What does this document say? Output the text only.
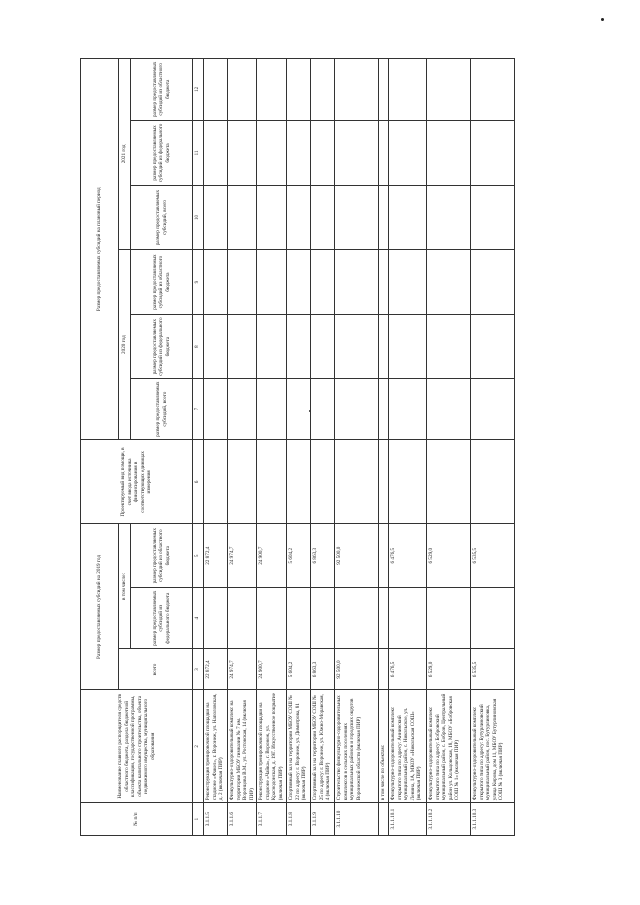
№ п/п	Наименование главного распорядителя средств областного бюджета, раздела бюджетной классификации, государственной программы, объекта капитального строительства, объекта недвижимого имущества, муниципального образования	Размер предоставляемых субсидий на 2019 год			Проектируемый вид помощи, в счет ввода источника финансирования в соответствующих единицах измерения	Размер предоставляемых субсидий на плановый период					
		всего	в том числе:			2020 год			2021 год		
			размер предоставляемых субсидий из федерального бюджета	размер предоставляемых субсидий из областного бюджета		размер предоставляемых субсидий, всего	размер предоставляемых субсидий из федерального бюджета	размер предоставляемых субсидий из областного бюджета	размер предоставляемых субсидий, всего	размер предоставляемых субсидий из федерального бюджета	размер предоставляемых субсидий из областного бюджета

1	2	3	4	5	6	7	8	9	10	11	12
3.1.1.5	Реконструкция тренировочной площадки на стадионе «Факел», г. Воронеж, ул. Наполовская, д. 2 (включая ПИР)	22 872,4		22 872,4							
3.1.1.6	Физкультурно-оздоровительный комплекс на территории МБОУ гимназии № 7 им. Воронцова В.М., ул. Ростовская, 14 (включая ПИР)	24 974,7		24 974,7							
3.1.1.7	Реконструкция тренировочной площадки на стадионе «Чайка», г. Воронеж, ул. Краснодонская, д. 19Г. Искусственное покрытие (включая ПИР)	24 900,7		24 900,7							
3.1.1.8	Спортивный зал на территории МБОУ СОШ № 22 по адресу: г. Воронеж, ул. Димитрова, 81 (включая ПИР)	5 604,2		5 604,2							
3.1.1.9	Спортивный зал на территории МБОУ СОШ № 25 по адресу: г. Воронеж, ул. Южно-Моравская, 4 (включая ПИР)	6 863,3		6 863,3							
3.1.1.10	Строительство физкультурно-оздоровительных комплексов в сельских поселениях муниципальных районов и городских округов Воронежской области (включая ПИР)	92 500,0		92 500,0							
	в том числе по объектам:										
3.1.1.10.1	Физкультурно-оздоровительный комплекс открытого типа по адресу: Аннинский муниципальный район, с. Никольское, ул. Ленина, 1А, МКОУ «Никольская СОШ» (включая ПИР)	6 476,5		6 476,5							
3.1.1.10.2	Физкультурно-оздоровительный комплекс открытого типа по адресу: Бобровский муниципальный район, с. Бобров, Центральный район ул. Кольцовская, 18, МБОУ «Бобровская СОШ № 1» (включая ПИР)	6 529,0		6 529,0							
3.1.1.10.3	Физкультурно-оздоровительный комплекс открытого типа по адресу: Бутурлиновский муниципальный район, пос. Бутурлиновка, улица Кирова, дом 11, МБОУ Бутурлиновская СОШ № 3 (включая ПИР)	6 535,5		6 535,5							
